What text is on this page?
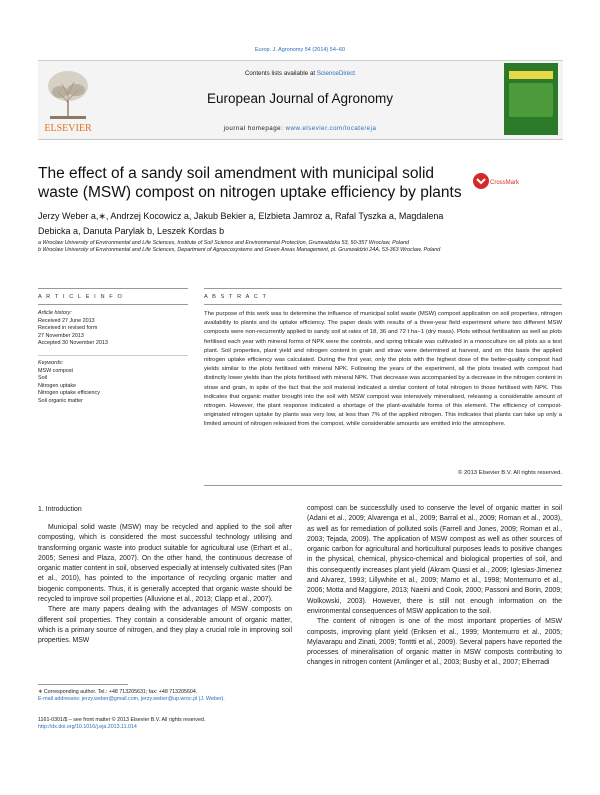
Europ. J. Agronomy 54 (2014) 54–60
ELSEVIER
Contents lists available at ScienceDirect
European Journal of Agronomy
journal homepage: www.elsevier.com/locate/eja
The effect of a sandy soil amendment with municipal solid waste (MSW) compost on nitrogen uptake efficiency by plants
CrossMark
Jerzy Weber a,∗, Andrzej Kocowicz a, Jakub Bekier a, Elzbieta Jamroz a, Rafal Tyszka a, Magdalena Debicka a, Danuta Parylak b, Leszek Kordas b
a Wroclaw University of Environmental and Life Sciences, Institute of Soil Science and Environmental Protection, Grunwaldzka 53, 50-357 Wroclaw, Poland
b Wroclaw University of Environmental and Life Sciences, Department of Agroecosystems and Green Areas Management, pl. Grunwaldzki 24A, 53-363 Wroclaw, Poland
A R T I C L E I N F O	A B S T R A C T
Article history:
Received 27 June 2013
Received in revised form
27 November 2013
Accepted 30 November 2013
Keywords:
MSW compost
Soil
Nitrogen uptake
Nitrogen uptake efficiency
Soil organic matter
The purpose of this work was to determine the influence of municipal solid waste (MSW) compost application on soil properties, nitrogen availability to plants and its uptake efficiency. The paper deals with results of a three-year field experiment where two different MSW composts were non-recurrently applied to sandy soil at rates of 18, 36 and 72 t ha−1 (dry mass). Plots without fertilisation as well as plots fertilised each year with mineral forms of NPK were the controls, and spring triticale was cultivated in a monoculture on all plots as a test plant. Soil properties, plant yield and nitrogen content in grain and straw were determined at harvest, and on this basis the applied nitrogen uptake efficiency was calculated. During the first year, only the plots with the highest dose of the better-quality compost had yields similar to the plots fertilised with mineral NPK. Following the years of the experiment, all the plots treated with compost had distinctly lower yields than the plots fertilised with mineral NPK. That decrease was accompanied by a decrease in the nitrogen content in straw and grain, in spite of the fact that the soil material indicated a similar content of total nitrogen to those fertilised with NPK. This indicates that organic matter brought into the soil with MSW compost was intensively mineralised, releasing a considerable amount of nitrogen. However, the plant response indicated a shortage of the plant-available forms of this element. The efficiency of compost-originated nitrogen uptake by plants was very low, at less than 7% of the applied nitrogen. This indicates that plants can take up only a limited amount of nitrogen released from the compost, while considerable amounts are emitted into the atmosphere.
© 2013 Elsevier B.V. All rights reserved.
1. Introduction

Municipal solid waste (MSW) may be recycled and applied to the soil after composting, which is considered the most successful technology utilising and transforming organic waste into product suitable for agricultural use (Erhart et al., 2005; Senesi and Plaza, 2007). On the other hand, the continuous decrease of organic matter content in soil, observed especially at intensely cultivated sites (Pan et al., 2010), has pointed to the importance of recycling organic matter and biogenic components. Thus, it is generally accepted that organic waste should be recycled to improve soil properties (Alluvione et al., 2013; Clapp et al., 2007).

There are many papers dealing with the advantages of MSW composts on different soil properties. They contain a considerable amount of organic matter, which is a primary source of nitrogen, and they play a crucial role in improving soil properties. MSW

compost can be successfully used to conserve the level of organic matter in soil (Adani et al., 2009; Alvarenga et al., 2009; Barral et al., 2009; Roman et al., 2003), as well as for remediation of polluted soils (Farrell and Jones, 2009; Roman et al., 2003; Tejada, 2009). The application of MSW compost as well as other sources of organic carbon for agricultural and horticultural purposes leads to positive changes in the physical, chemical, physico-chemical and biological properties of soil, and this consequently increases plant yield (Akram Quasi et al., 2009; Iglesias-Jimenez and Alvarez, 1993; Lillywhite et al., 2009; Mamo et al., 1998; Montemurro et al., 2006; Motta and Maggiore, 2013; Naeini and Cook, 2000; Passoni and Borin, 2009; Wolkowski, 2003). However, there is still not enough information on the environmental consequences of MSW application to the soil.

The content of nitrogen is one of the most important properties of MSW composts, improving plant yield (Eriksen et al., 1999; Montemurro et al., 2005; Mylavarapu and Zinati, 2009; Tonttti et al., 2009). Several papers have reported the processes of mineralisation of organic matter in MSW composts contributing to changes in nitrogen content (Amlinger et al., 2003; Busby et al., 2007; Elherradi

∗ Corresponding author. Tel.: +48 713205631; fax: +48 713205604.
E-mail addresses: jerzy.weber@gmail.com, jerzy.weber@up.wroc.pl (J. Weber).
1161-0301/$ – see front matter © 2013 Elsevier B.V. All rights reserved.
http://dx.doi.org/10.1016/j.eja.2013.11.014
